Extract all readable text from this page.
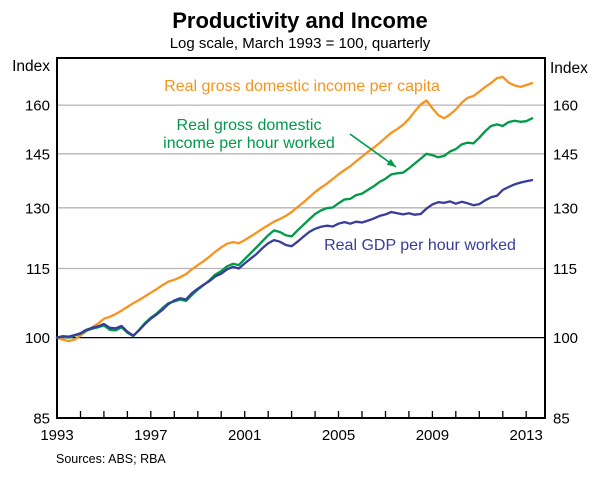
Productivity and Income
Log scale, March 1993 = 100, quarterly
Index	Index
160	160
145	145
130	130
115	115
100	100
85	85
1993	1997	2001	2005	2009	2013
Real gross domestic income per capita
Real gross domestic
income per hour worked
Real GDP per hour worked
Sources: ABS; RBA
